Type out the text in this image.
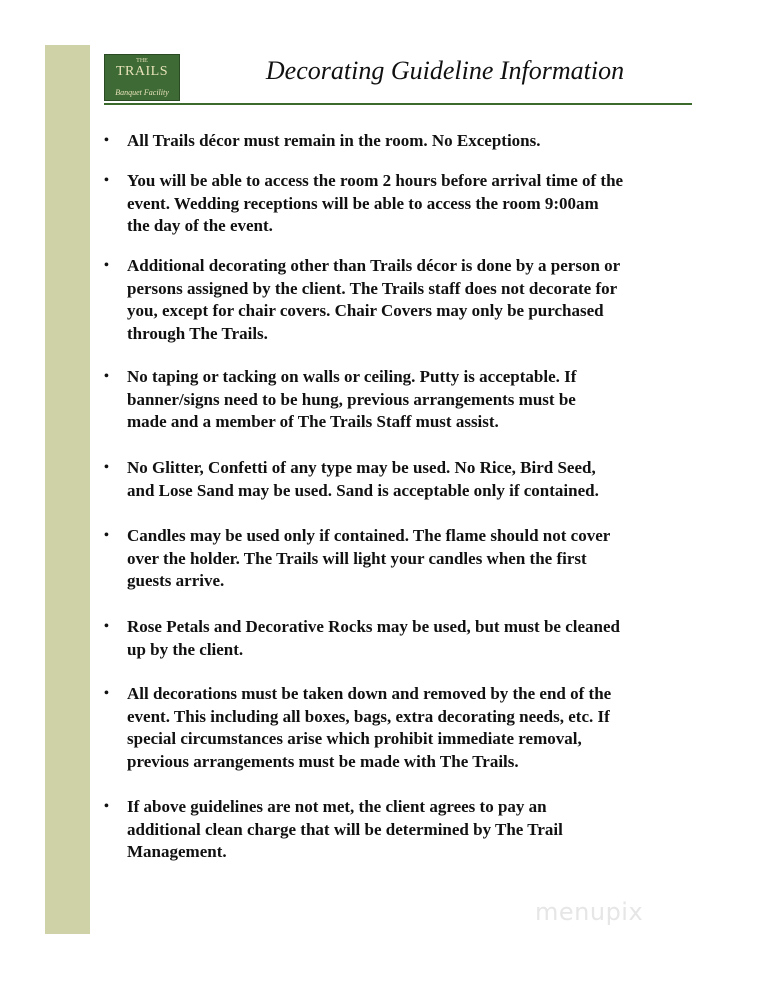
THE
TRAILS
Banquet Facility
Decorating Guideline Information
• All Trails décor must remain in the room. No Exceptions.
• You will be able to access the room 2 hours before arrival time of the
event. Wedding receptions will be able to access the room 9:00am
the day of the event.
• Additional decorating other than Trails décor is done by a person or
persons assigned by the client. The Trails staff does not decorate for
you, except for chair covers. Chair Covers may only be purchased
through The Trails.
• No taping or tacking on walls or ceiling. Putty is acceptable. If
banner/signs need to be hung, previous arrangements must be
made and a member of The Trails Staff must assist.
• No Glitter, Confetti of any type may be used. No Rice, Bird Seed,
and Lose Sand may be used. Sand is acceptable only if contained.
• Candles may be used only if contained. The flame should not cover
over the holder. The Trails will light your candles when the first
guests arrive.
• Rose Petals and Decorative Rocks may be used, but must be cleaned
up by the client.
• All decorations must be taken down and removed by the end of the
event. This including all boxes, bags, extra decorating needs, etc. If
special circumstances arise which prohibit immediate removal,
previous arrangements must be made with The Trails.
• If above guidelines are not met, the client agrees to pay an
additional clean charge that will be determined by The Trail
Management.
menupix
